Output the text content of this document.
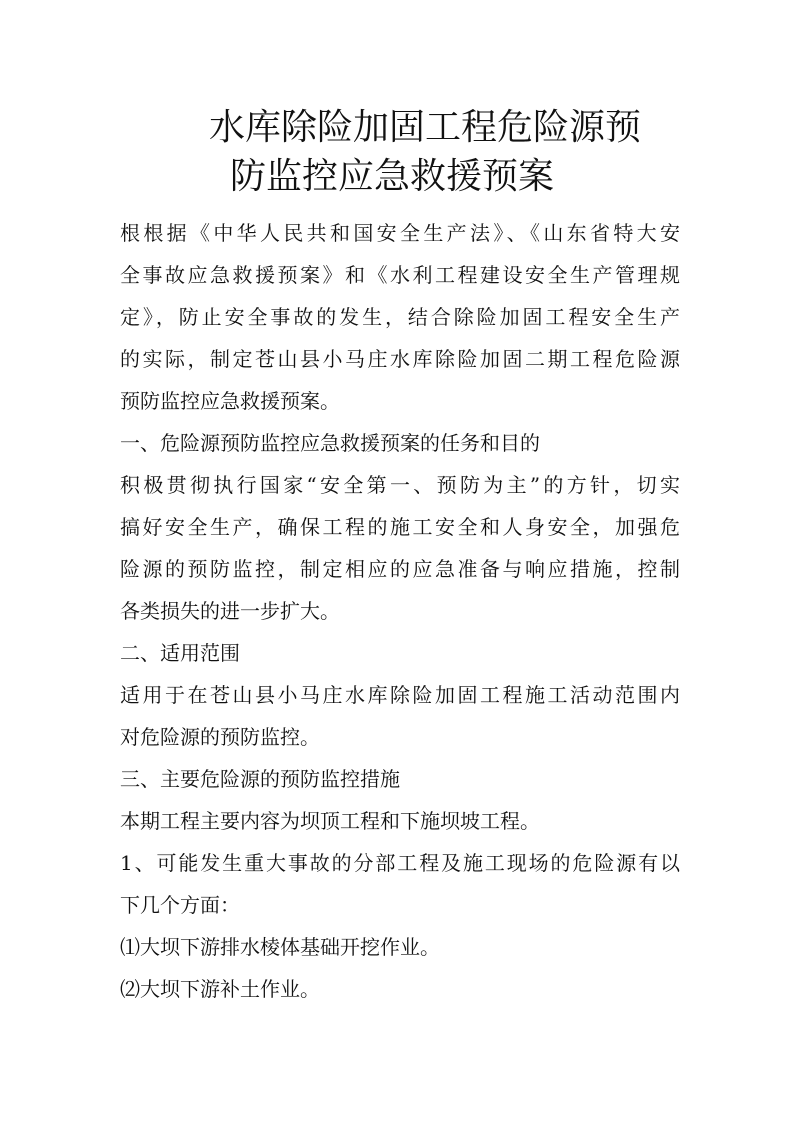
水库除险加固工程危险源预
防监控应急救援预案

根根据《中华人民共和国安全生产法》、《山东省特大安

全事故应急救援预案》和《水利工程建设安全生产管理规

定》，防止安全事故的发生，结合除险加固工程安全生产

的实际，制定苍山县小马庄水库除险加固二期工程危险源

预防监控应急救援预案。

一、危险源预防监控应急救援预案的任务和目的

积极贯彻执行国家“安全第一、预防为主”的方针，切实

搞好安全生产，确保工程的施工安全和人身安全，加强危

险源的预防监控，制定相应的应急准备与响应措施，控制

各类损失的进一步扩大。

二、适用范围

适用于在苍山县小马庄水库除险加固工程施工活动范围内

对危险源的预防监控。

三、主要危险源的预防监控措施

本期工程主要内容为坝顶工程和下施坝坡工程。

1、可能发生重大事故的分部工程及施工现场的危险源有以

下几个方面：

⑴大坝下游排水棱体基础开挖作业。

⑵大坝下游补土作业。
